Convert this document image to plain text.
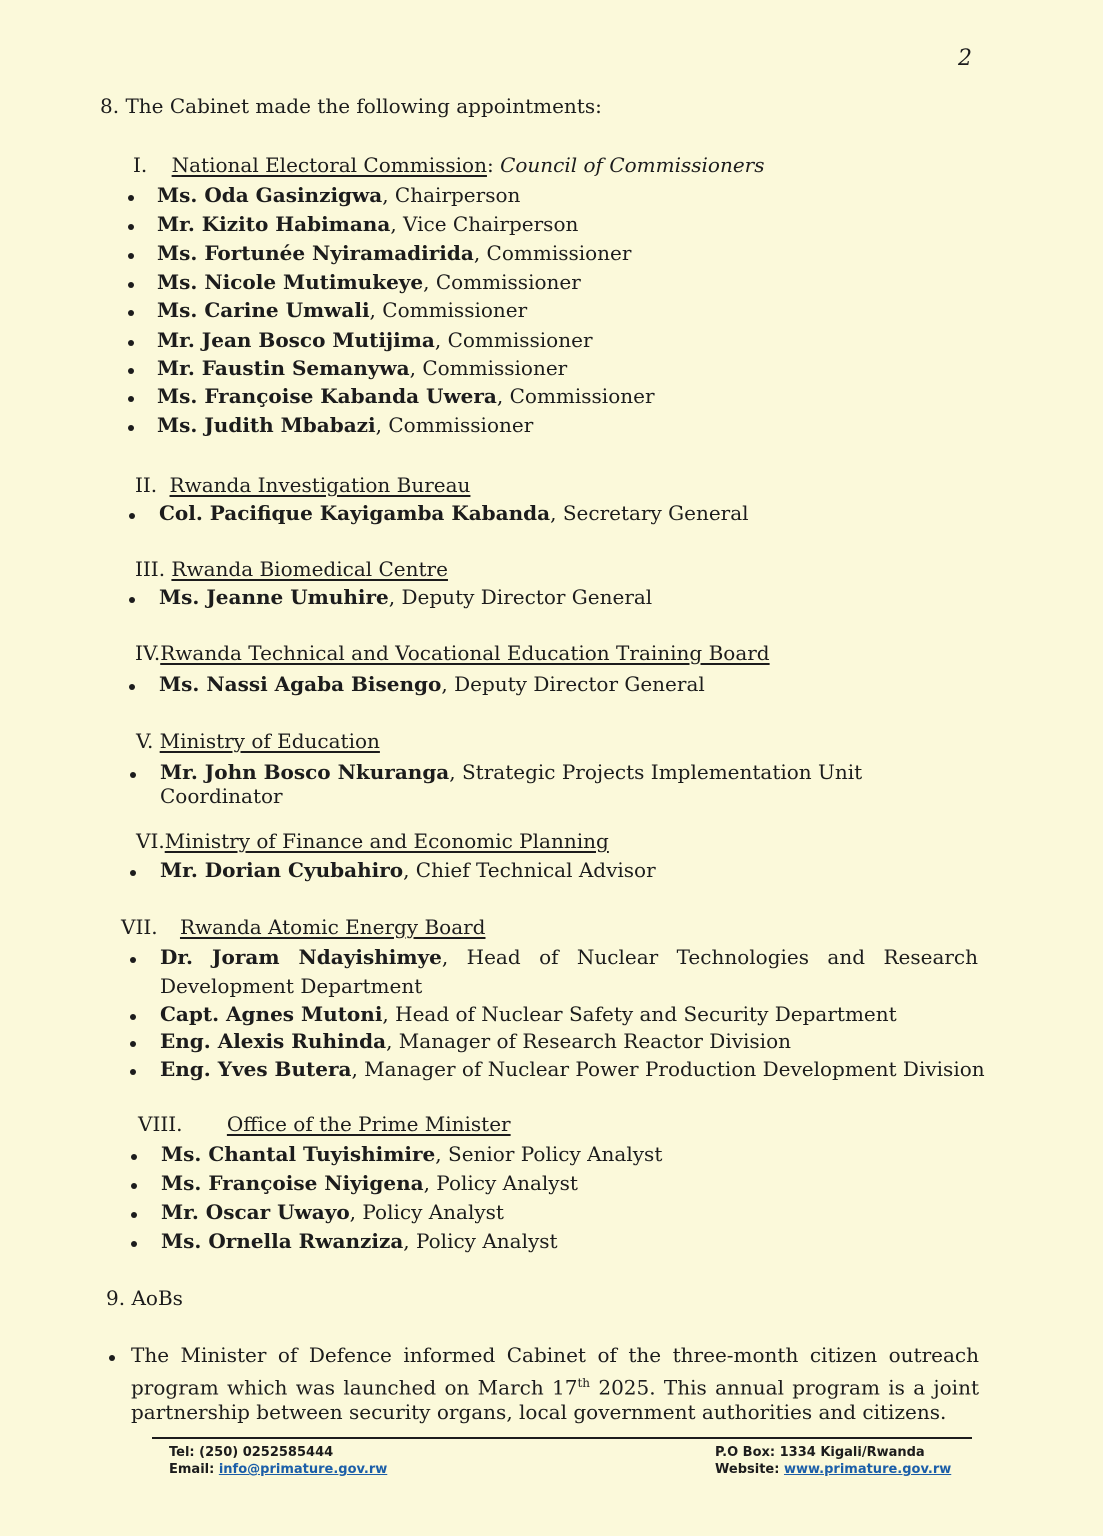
2
8. The Cabinet made the following appointments:
I. National Electoral Commission: Council of Commissioners
Ms. Oda Gasinzigwa, Chairperson
Mr. Kizito Habimana, Vice Chairperson
Ms. Fortunée Nyiramadirida, Commissioner
Ms. Nicole Mutimukeye, Commissioner
Ms. Carine Umwali, Commissioner
Mr. Jean Bosco Mutijima, Commissioner
Mr. Faustin Semanywa, Commissioner
Ms. Françoise Kabanda Uwera, Commissioner
Ms. Judith Mbabazi, Commissioner
II. Rwanda Investigation Bureau
Col. Pacifique Kayigamba Kabanda, Secretary General
III. Rwanda Biomedical Centre
Ms. Jeanne Umuhire, Deputy Director General
IV.Rwanda Technical and Vocational Education Training Board
Ms. Nassi Agaba Bisengo, Deputy Director General
V. Ministry of Education
Mr. John Bosco Nkuranga, Strategic Projects Implementation Unit
Coordinator
VI.Ministry of Finance and Economic Planning
Mr. Dorian Cyubahiro, Chief Technical Advisor
VII. Rwanda Atomic Energy Board
Dr. Joram Ndayishimye, Head of Nuclear Technologies and Research
Development Department
Capt. Agnes Mutoni, Head of Nuclear Safety and Security Department
Eng. Alexis Ruhinda, Manager of Research Reactor Division
Eng. Yves Butera, Manager of Nuclear Power Production Development Division
VIII. Office of the Prime Minister
Ms. Chantal Tuyishimire, Senior Policy Analyst
Ms. Françoise Niyigena, Policy Analyst
Mr. Oscar Uwayo, Policy Analyst
Ms. Ornella Rwanziza, Policy Analyst
9. AoBs
The Minister of Defence informed Cabinet of the three-month citizen outreach
program which was launched on March 17th 2025. This annual program is a joint
partnership between security organs, local government authorities and citizens.
Tel: (250) 0252585444
Email: info@primature.gov.rw
P.O Box: 1334 Kigali/Rwanda
Website: www.primature.gov.rw
